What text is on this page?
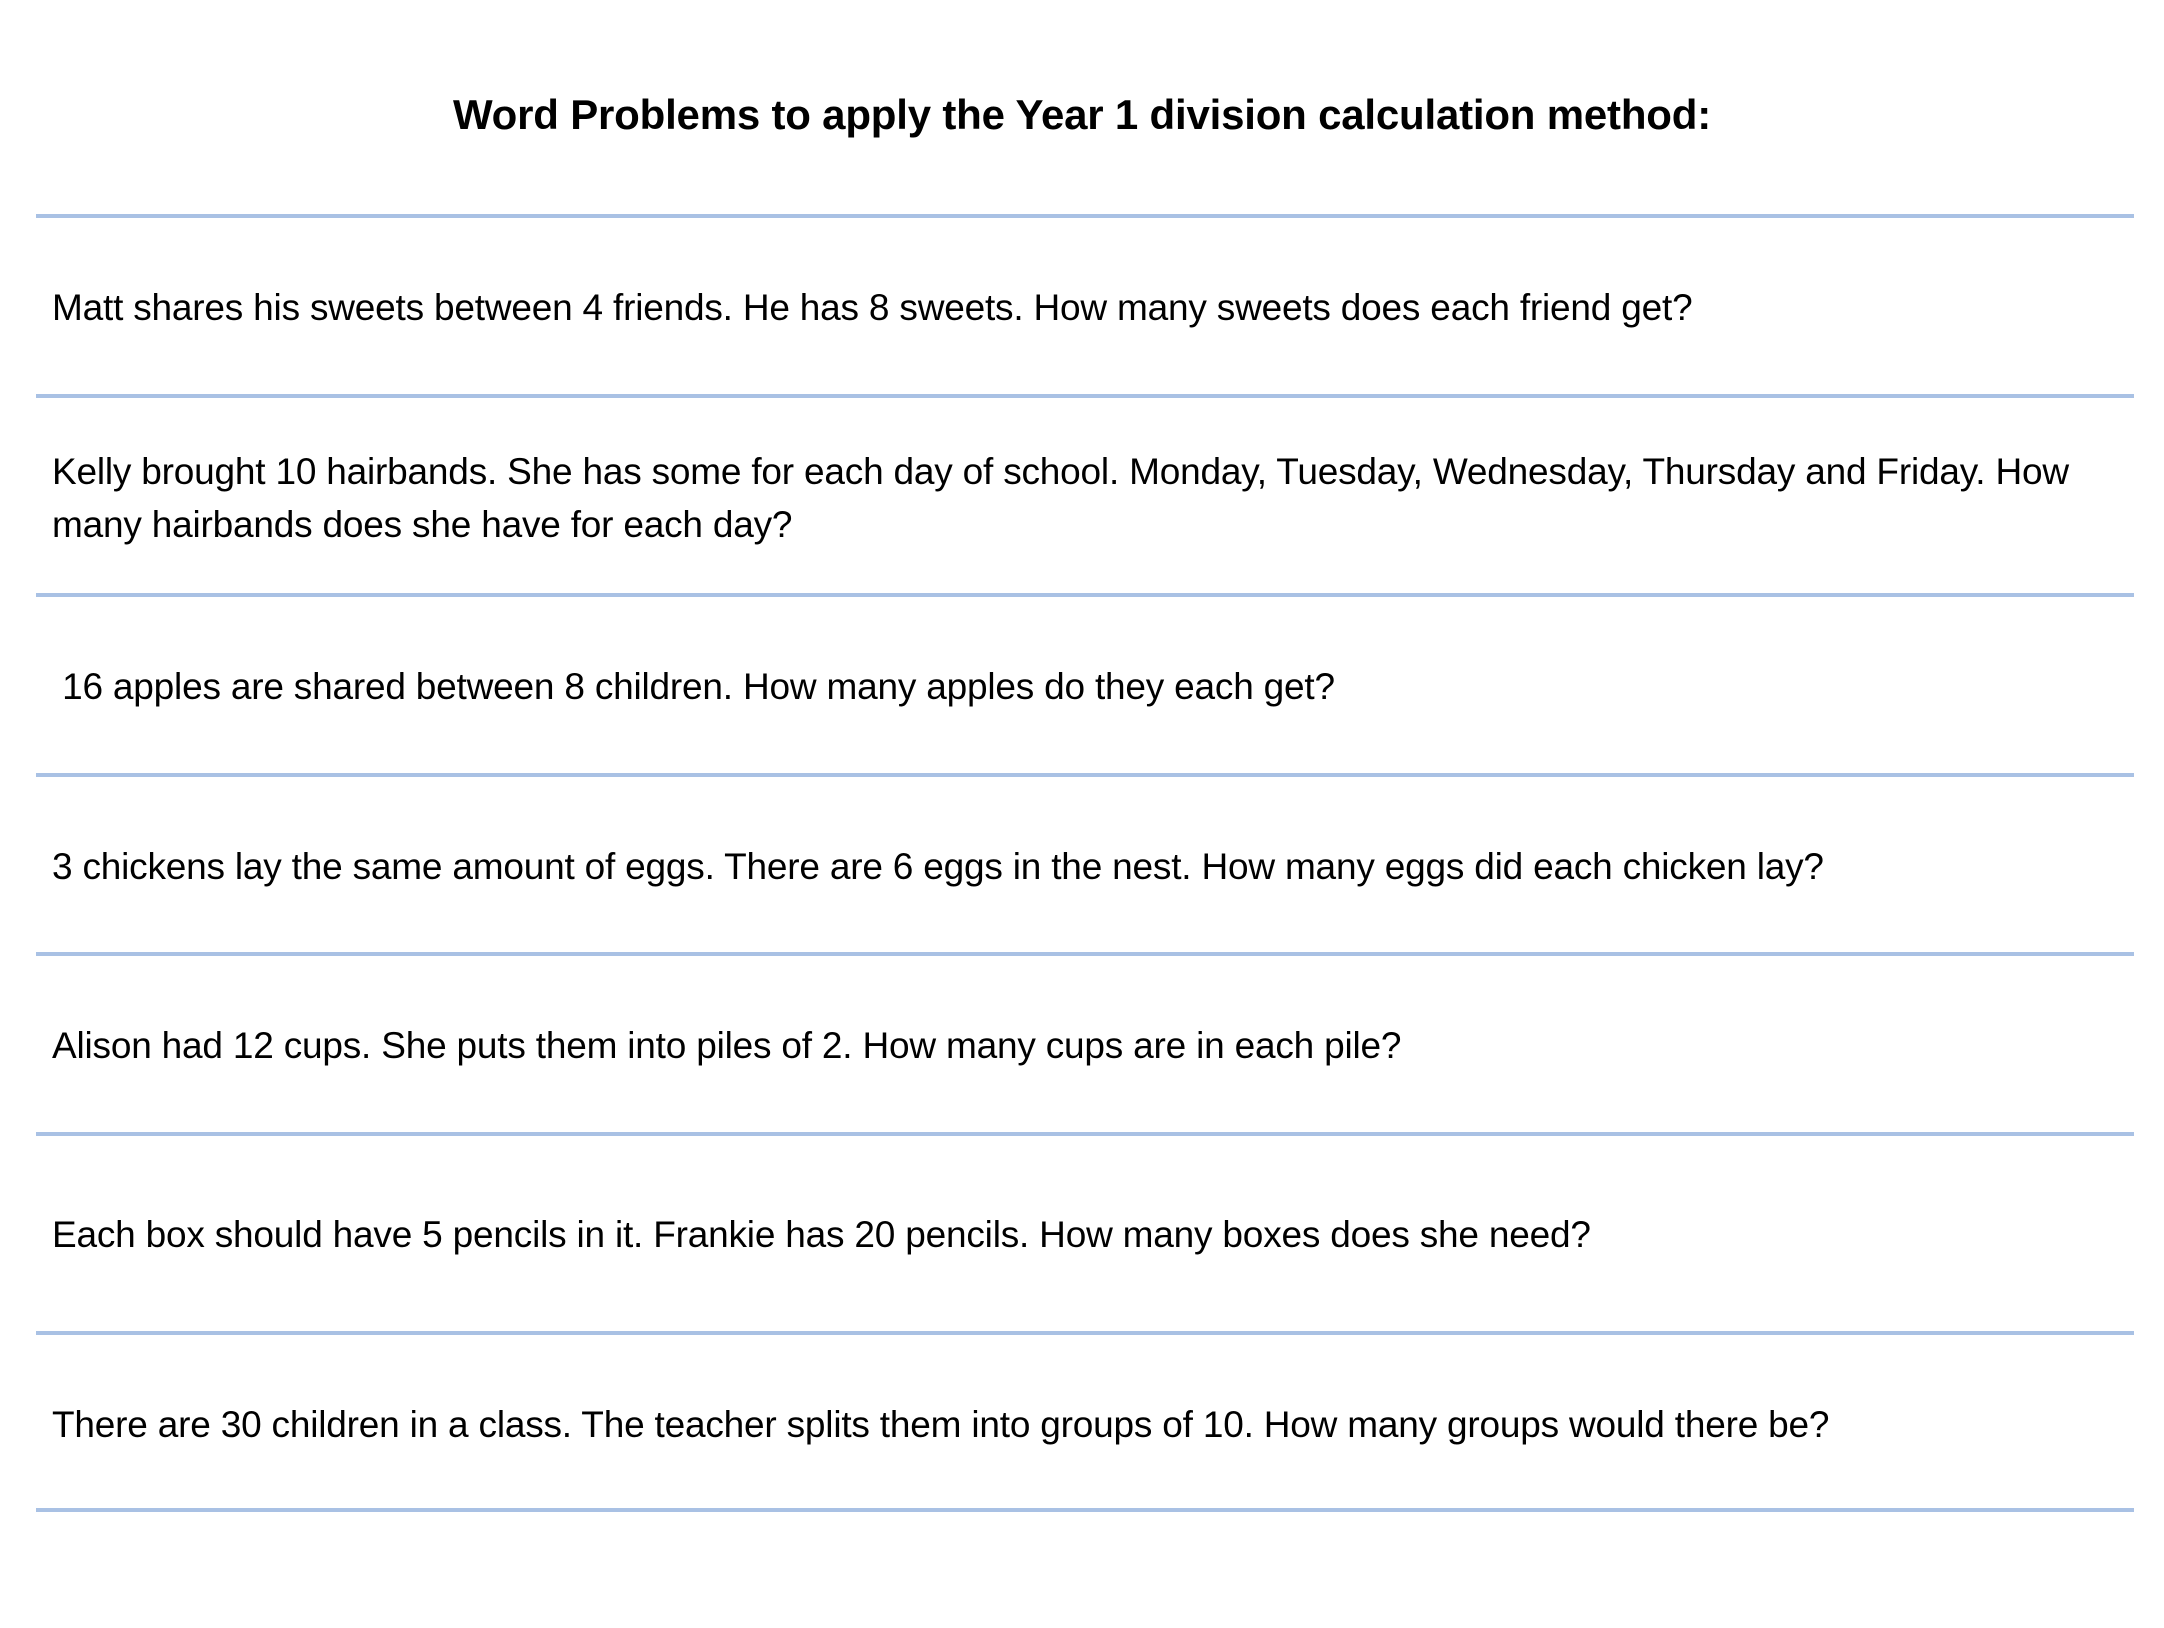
Word Problems to apply the Year 1 division calculation method:
Matt shares his sweets between 4 friends. He has 8 sweets. How many sweets does each friend get?
Kelly brought 10 hairbands. She has some for each day of school. Monday, Tuesday, Wednesday, Thursday and Friday. How many hairbands does she have for each day?
16 apples are shared between 8 children. How many apples do they each get?
3 chickens lay the same amount of eggs. There are 6 eggs in the nest. How many eggs did each chicken lay?
Alison had 12 cups. She puts them into piles of 2. How many cups are in each pile?
Each box should have 5 pencils in it. Frankie has 20 pencils. How many boxes does she need?
There are 30 children in a class. The teacher splits them into groups of 10. How many groups would there be?
